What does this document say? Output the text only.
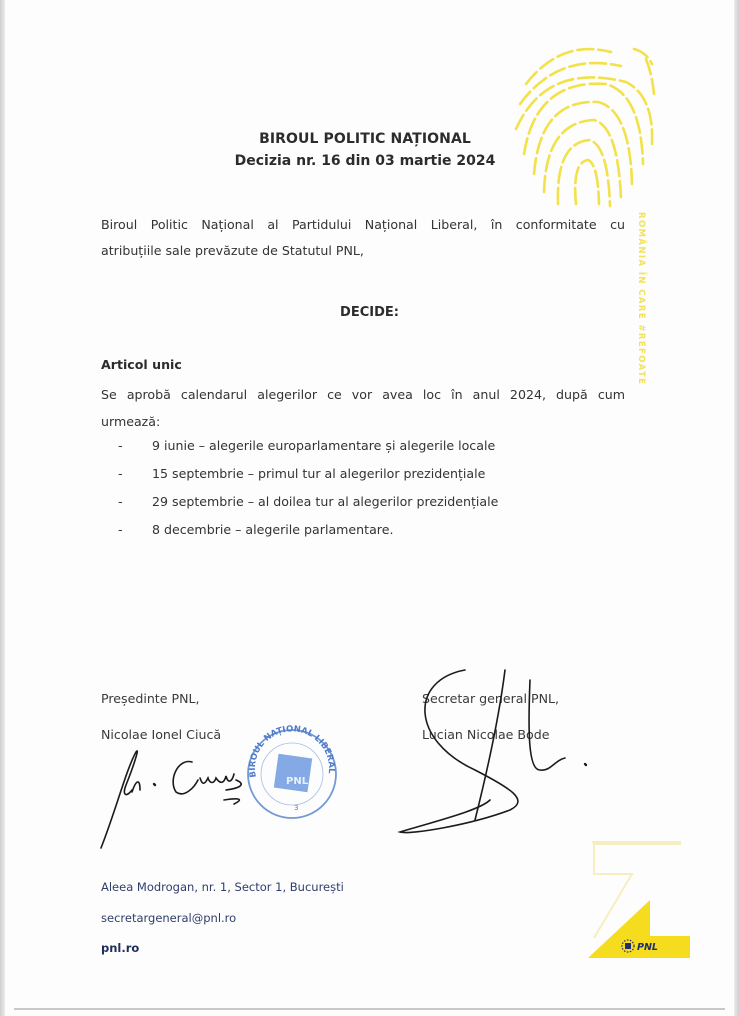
ROMÂNIA ÎN CARE #REFOATE
BIROUL POLITIC NAȚIONAL
Decizia nr. 16 din 03 martie 2024
Biroul Politic Național al Partidului Național Liberal, în conformitate cu
atribuțiile sale prevăzute de Statutul PNL,
DECIDE:
Articol unic
Se aprobă calendarul alegerilor ce vor avea loc în anul 2024, după cum
urmează:
-	9 iunie – alegerile europarlamentare și alegerile locale
-	15 septembrie – primul tur al alegerilor prezidențiale
-	29 septembrie – al doilea tur al alegerilor prezidențiale
-	8 decembrie – alegerile parlamentare.
Președinte PNL,
Nicolae Ionel Ciucă
Secretar general PNL,
Lucian Nicolae Bode
BIROUL NAȚIONAL LIBERAL
PNL
3
Aleea Modrogan, nr. 1, Sector 1, București
secretargeneral@pnl.ro
pnl.ro	PNL
